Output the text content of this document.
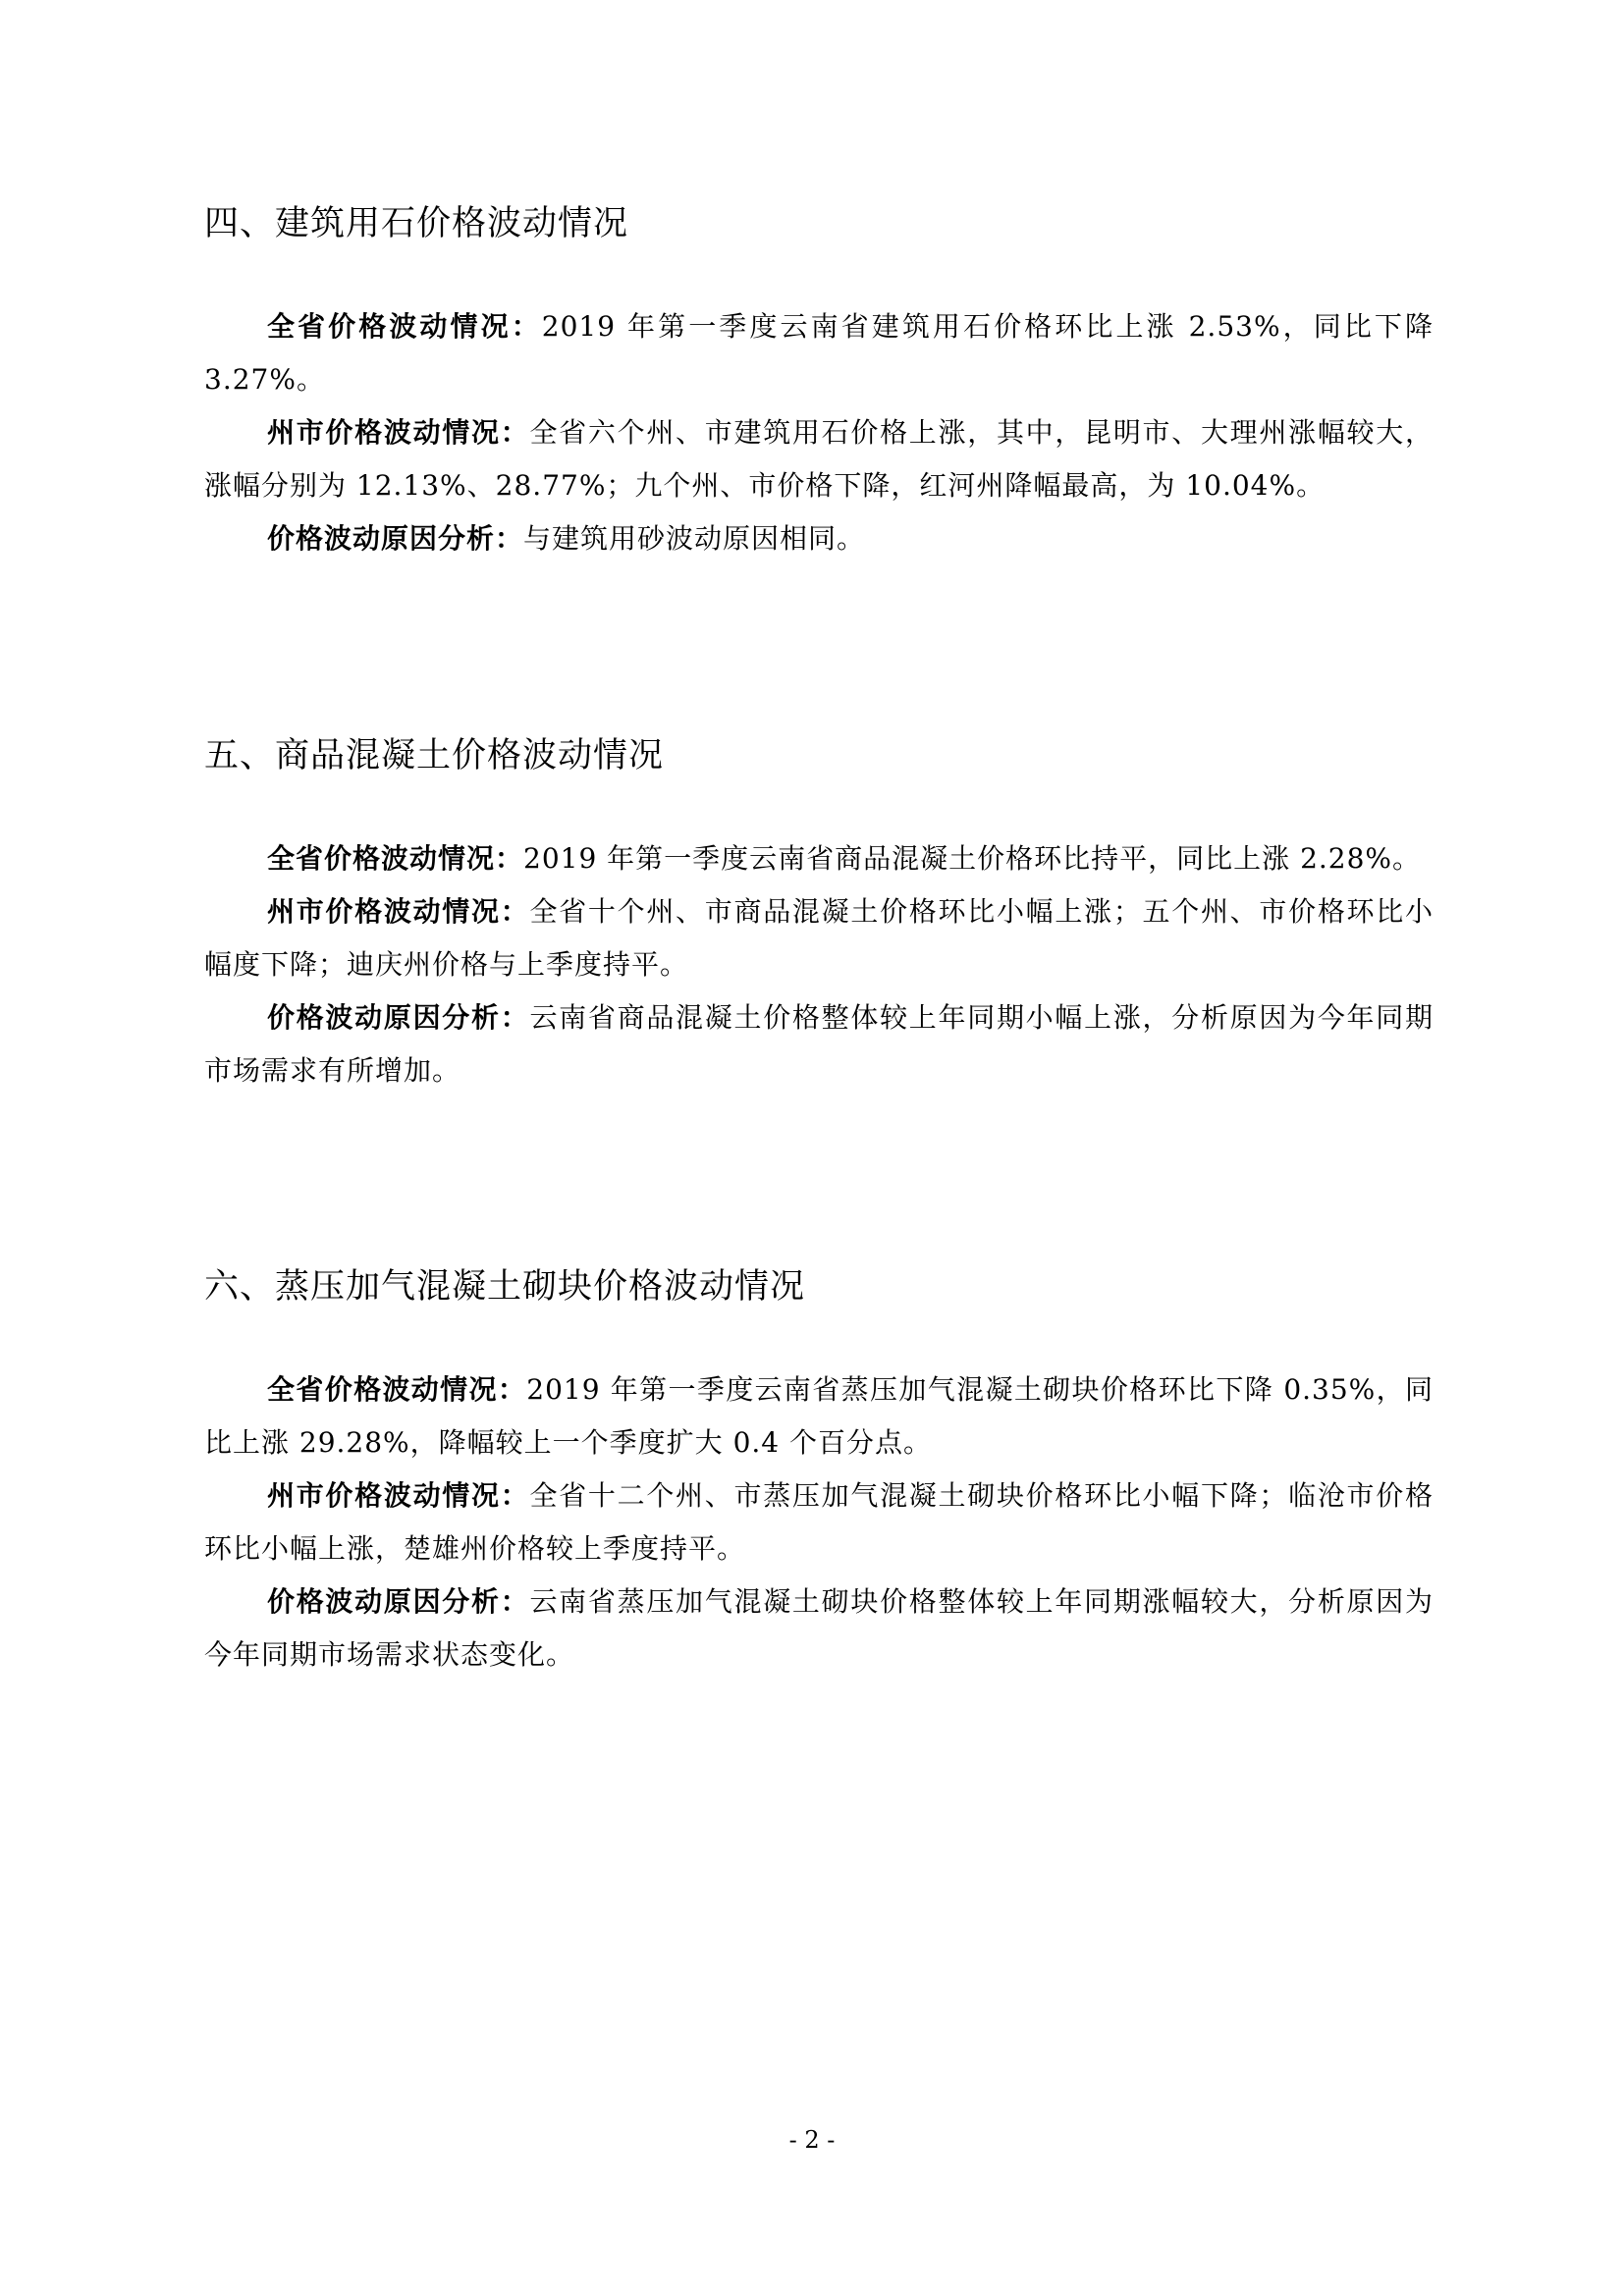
四、建筑用石价格波动情况

全省价格波动情况：2019 年第一季度云南省建筑用石价格环比上涨 2.53%，同比下降 3.27%。

州市价格波动情况：全省六个州、市建筑用石价格上涨，其中，昆明市、大理州涨幅较大，涨幅分别为 12.13%、28.77%；九个州、市价格下降，红河州降幅最高，为 10.04%。

价格波动原因分析：与建筑用砂波动原因相同。

五、商品混凝土价格波动情况

全省价格波动情况：2019 年第一季度云南省商品混凝土价格环比持平，同比上涨 2.28%。

州市价格波动情况：全省十个州、市商品混凝土价格环比小幅上涨；五个州、市价格环比小幅度下降；迪庆州价格与上季度持平。

价格波动原因分析：云南省商品混凝土价格整体较上年同期小幅上涨，分析原因为今年同期市场需求有所增加。

六、蒸压加气混凝土砌块价格波动情况

全省价格波动情况：2019 年第一季度云南省蒸压加气混凝土砌块价格环比下降 0.35%，同比上涨 29.28%，降幅较上一个季度扩大 0.4 个百分点。

州市价格波动情况：全省十二个州、市蒸压加气混凝土砌块价格环比小幅下降；临沧市价格环比小幅上涨，楚雄州价格较上季度持平。

价格波动原因分析：云南省蒸压加气混凝土砌块价格整体较上年同期涨幅较大，分析原因为今年同期市场需求状态变化。

- 2 -
